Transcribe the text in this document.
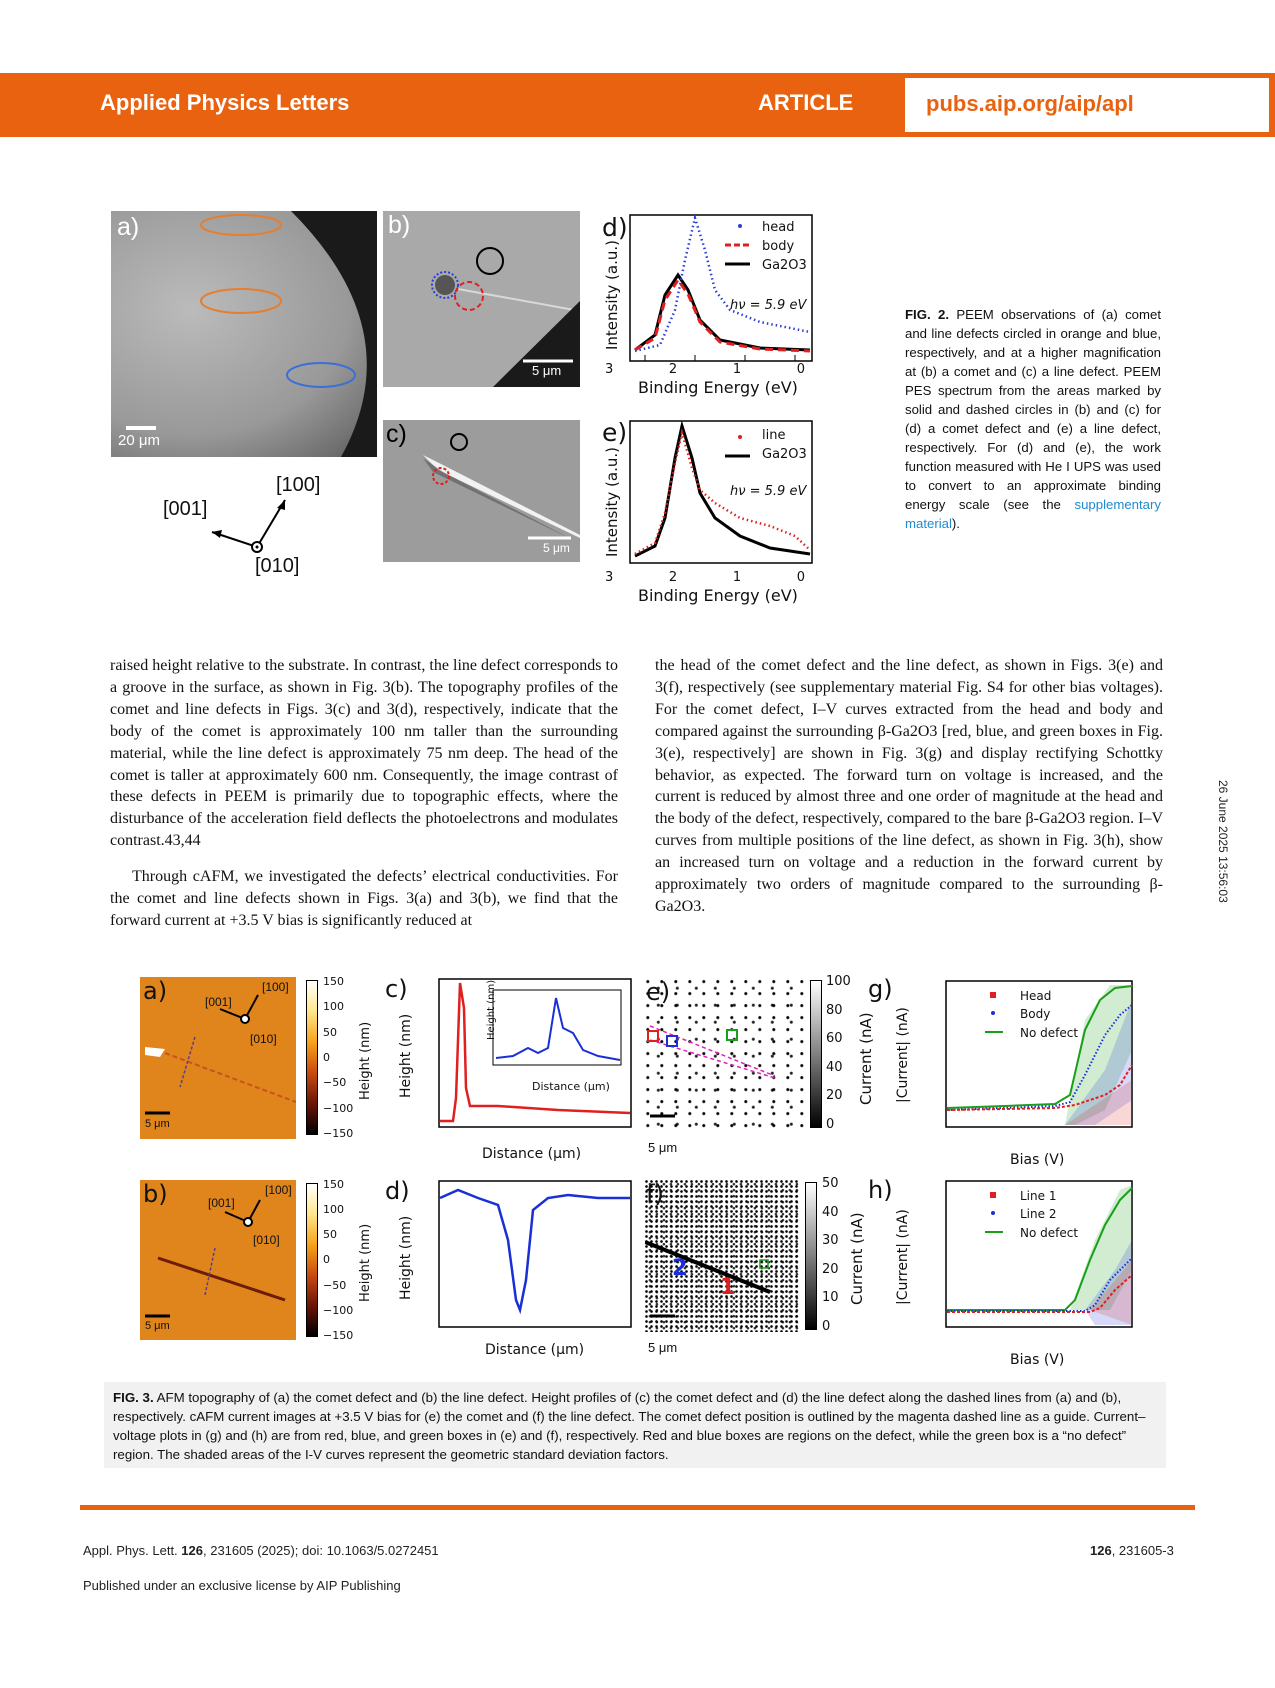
Applied Physics Letters	ARTICLE	pubs.aip.org/aip/apl
a)
20 μm
[100]
[001]
[010]
b)
5 μm
c)
5 μm
d)	head
body
Ga2O3
hν = 5.9 eV
3	2	1	0
Binding Energy (eV)
Intensity (a.u.)
e)	line
Ga2O3
hν = 5.9 eV
3	2	1	0
Binding Energy (eV)
Intensity (a.u.)
FIG. 2. PEEM observations of (a) comet and line defects circled in orange and blue, respectively, and at a higher magnification at (b) a comet and (c) a line defect. PEEM PES spectrum from the areas marked by solid and dashed circles in (b) and (c) for (d) a comet defect and (e) a line defect, respectively. For (d) and (e), the work function measured with He I UPS was used to convert to an approximate binding energy scale (see the supplementary material).

raised height relative to the substrate. In contrast, the line defect corresponds to a groove in the surface, as shown in Fig. 3(b). The topography profiles of the comet and line defects in Figs. 3(c) and 3(d), respectively, indicate that the body of the comet is approximately 100 nm taller than the surrounding material, while the line defect is approximately 75 nm deep. The head of the comet is taller at approximately 600 nm. Consequently, the image contrast of these defects in PEEM is primarily due to topographic effects, where the disturbance of the acceleration field deflects the photoelectrons and modulates contrast.43,44

Through cAFM, we investigated the defects’ electrical conductivities. For the comet and line defects shown in Figs. 3(a) and 3(b), we find that the forward current at +3.5 V bias is significantly reduced at

the head of the comet defect and the line defect, as shown in Figs. 3(e) and 3(f), respectively (see supplementary material Fig. S4 for other bias voltages). For the comet defect, I–V curves extracted from the head and body and compared against the surrounding β-Ga2O3 [red, blue, and green boxes in Fig. 3(e), respectively] are shown in Fig. 3(g) and display rectifying Schottky behavior, as expected. The forward turn on voltage is increased, and the current is reduced by almost three and one order of magnitude at the head and the body of the defect, respectively, compared to the bare β-Ga2O3 region. I–V curves from multiple positions of the line defect, as shown in Fig. 3(h), show an increased turn on voltage and a reduction in the forward current by approximately two orders of magnitude compared to the surrounding β-Ga2O3.

26 June 2025 13:56:03
a)	[100]
[001]
[010]
5 μm
150
100
50
0
−50
−100
−150
Height (nm)
b)	[100]
[001]
[010]
5 μm
150
100
50
0
−50
−100
−150
Height (nm)
c)
Distance (μm)
Distance (μm)
Height (nm)
Height (nm)
d)
Distance (μm)
Height (nm)
e)
5 μm
100
80
60
40
20
0
Current (nA)
f)
2
1
5 μm
50
40
30
20
10
0
Current (nA)
g)	Head
Body
No defect
Bias (V)
|Current| (nA)
h)	Line 1
Line 2
No defect
Bias (V)
|Current| (nA)
FIG. 3. AFM topography of (a) the comet defect and (b) the line defect. Height profiles of (c) the comet defect and (d) the line defect along the dashed lines from (a) and (b), respectively. cAFM current images at +3.5 V bias for (e) the comet and (f) the line defect. The comet defect position is outlined by the magenta dashed line as a guide. Current–voltage plots in (g) and (h) are from red, blue, and green boxes in (e) and (f), respectively. Red and blue boxes are regions on the defect, while the green box is a “no defect” region. The shaded areas of the I-V curves represent the geometric standard deviation factors.
Appl. Phys. Lett. 126, 231605 (2025); doi: 10.1063/5.0272451	126, 231605-3
Published under an exclusive license by AIP Publishing
